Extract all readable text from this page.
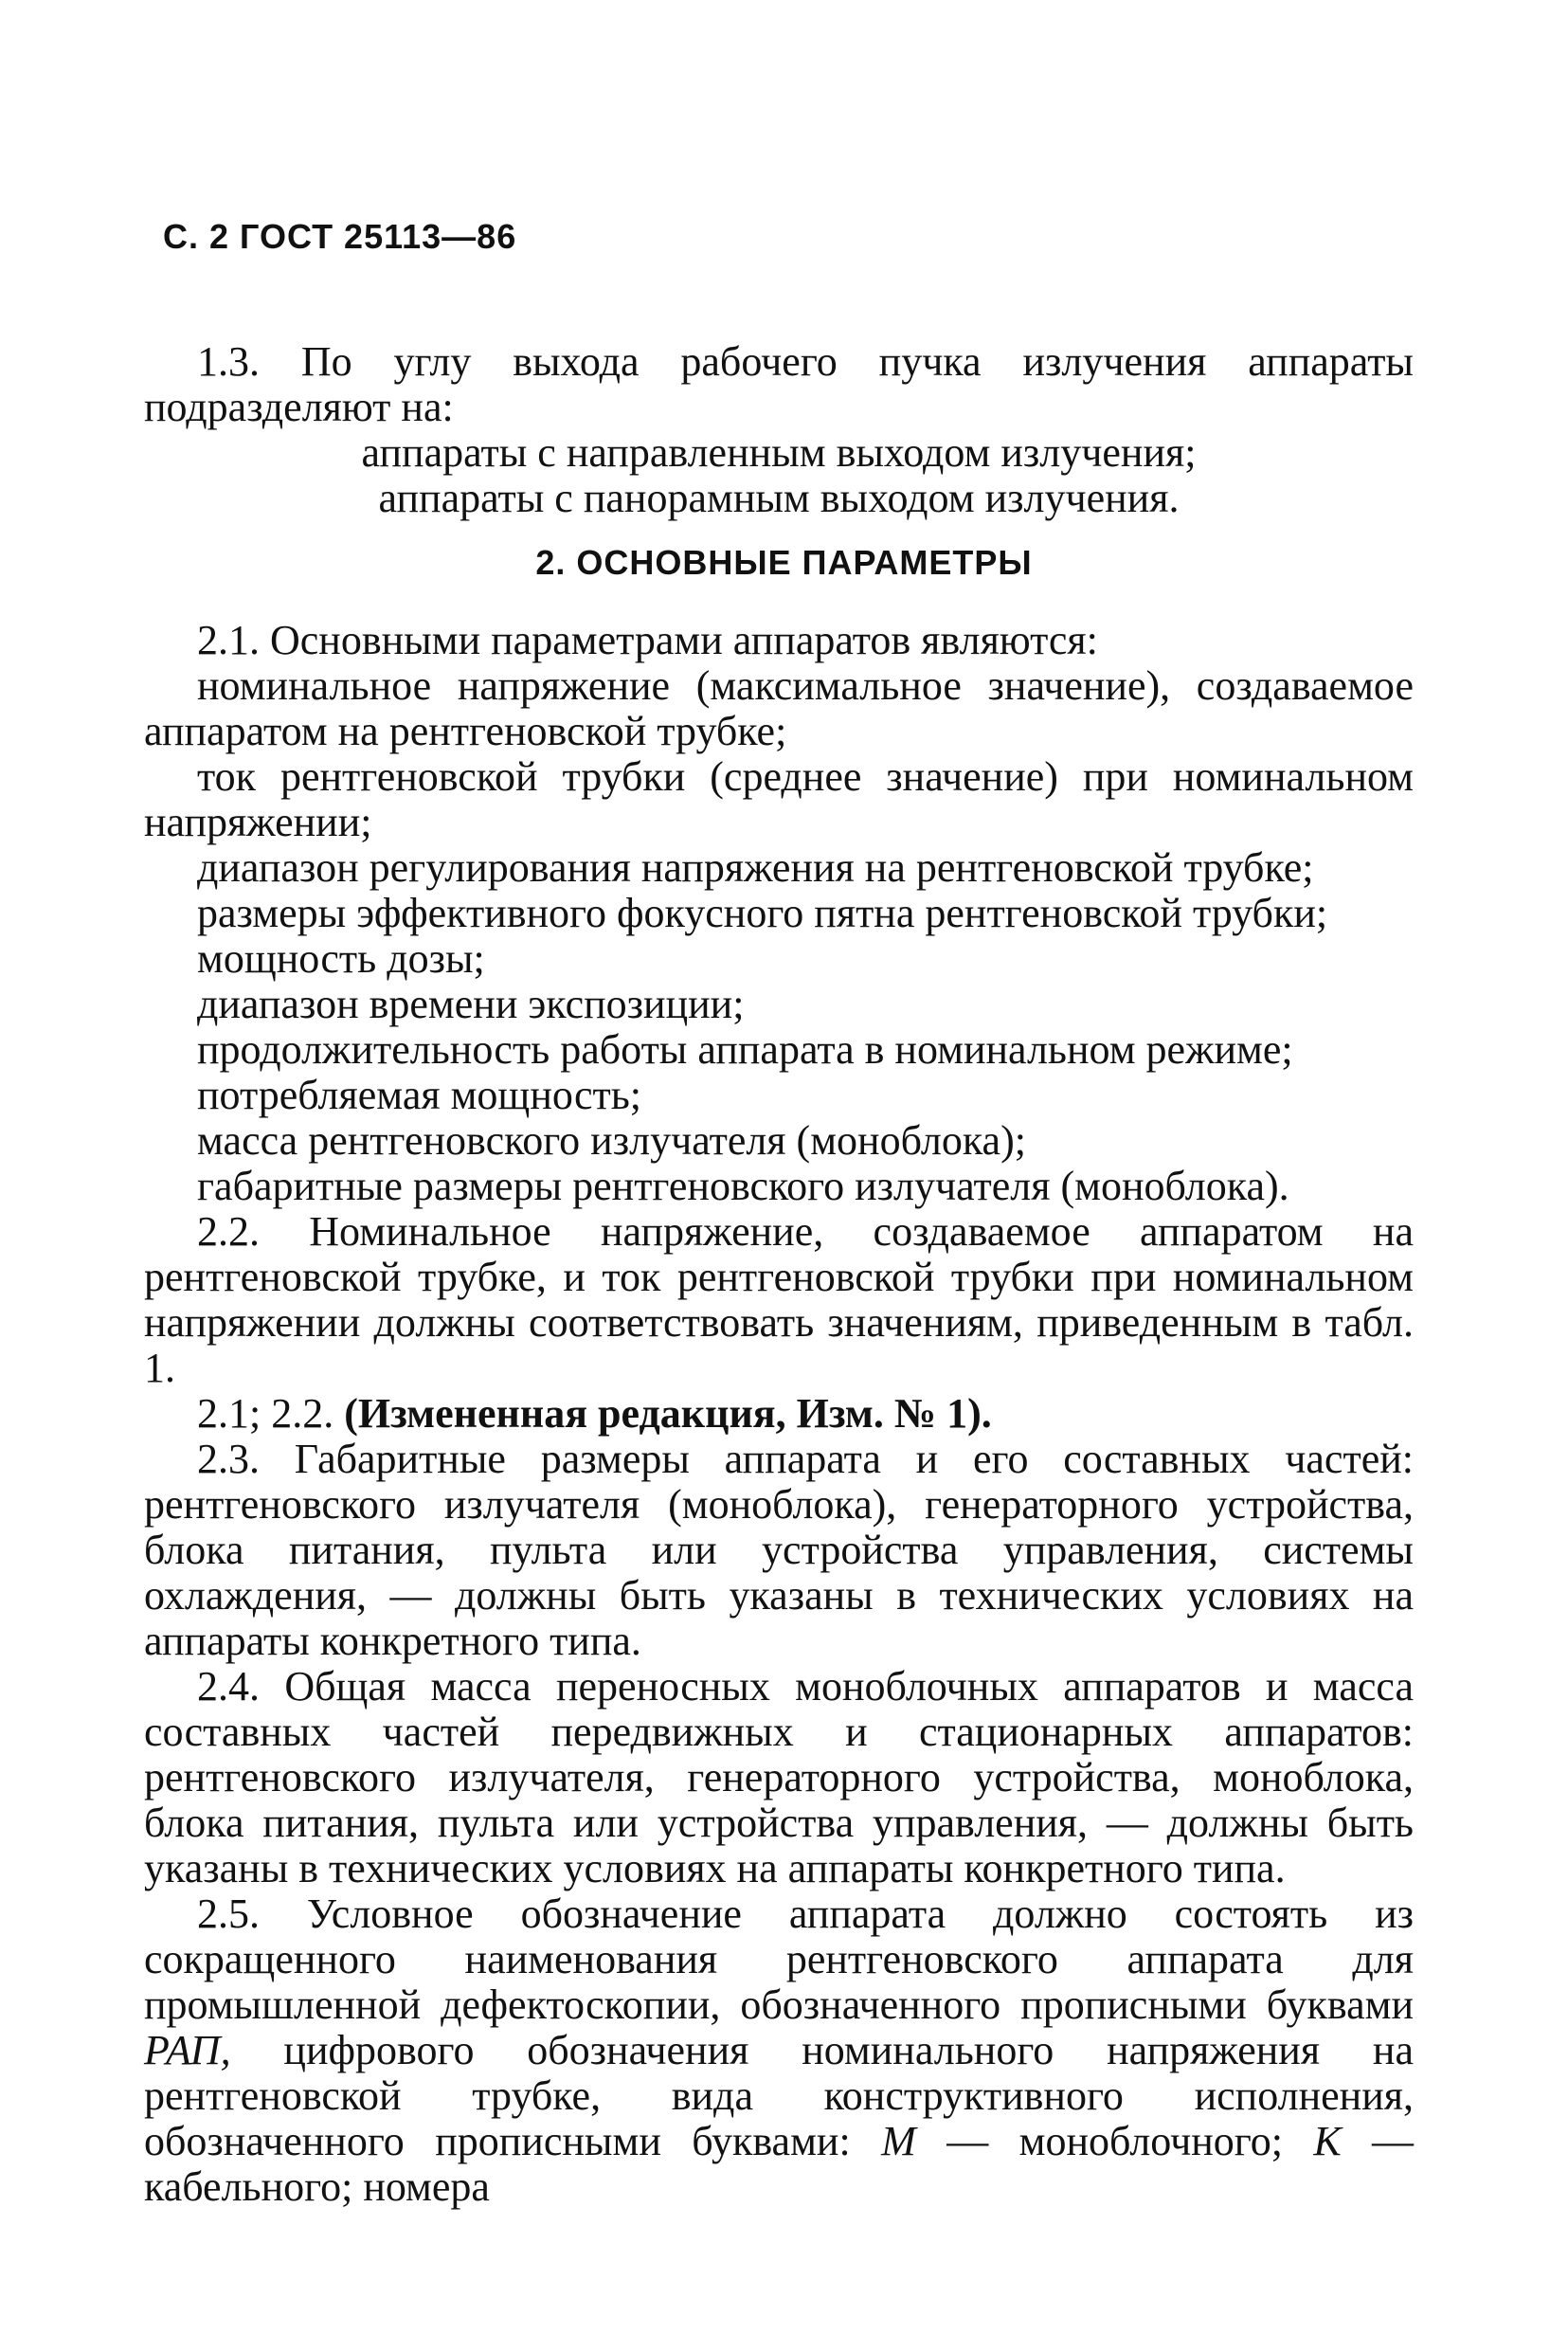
С. 2 ГОСТ 25113—86

1.3. По углу выхода рабочего пучка излучения аппараты подразделяют на:

аппараты с направленным выходом излучения;

аппараты с панорамным выходом излучения.

2. ОСНОВНЫЕ ПАРАМЕТРЫ

2.1. Основными параметрами аппаратов являются:

номинальное напряжение (максимальное значение), создаваемое аппаратом на рентгеновской трубке;

ток рентгеновской трубки (среднее значение) при номинальном напряжении;

диапазон регулирования напряжения на рентгеновской трубке;

размеры эффективного фокусного пятна рентгеновской трубки;

мощность дозы;

диапазон времени экспозиции;

продолжительность работы аппарата в номинальном режиме;

потребляемая мощность;

масса рентгеновского излучателя (моноблока);

габаритные размеры рентгеновского излучателя (моноблока).

2.2. Номинальное напряжение, создаваемое аппаратом на рентгеновской трубке, и ток рентгеновской трубки при номинальном напряжении должны соответствовать значениям, приведенным в табл. 1.

2.1; 2.2. (Измененная редакция, Изм. № 1).

2.3. Габаритные размеры аппарата и его составных частей: рентгеновского излучателя (моноблока), генераторного устройства, блока питания, пульта или устройства управления, системы охлаждения, — должны быть указаны в технических условиях на аппараты конкретного типа.

2.4. Общая масса переносных моноблочных аппаратов и масса составных частей передвижных и стационарных аппаратов: рентгеновского излучателя, генераторного устройства, моноблока, блока питания, пульта или устройства управления, — должны быть указаны в технических условиях на аппараты конкретного типа.

2.5. Условное обозначение аппарата должно состоять из сокращенного наименования рентгеновского аппарата для промышленной дефектоскопии, обозначенного прописными буквами РАП, цифрового обозначения номинального напряжения на рентгеновской трубке, вида конструктивного исполнения, обозначенного прописными буквами: М — моноблочного; К — кабельного; номера
